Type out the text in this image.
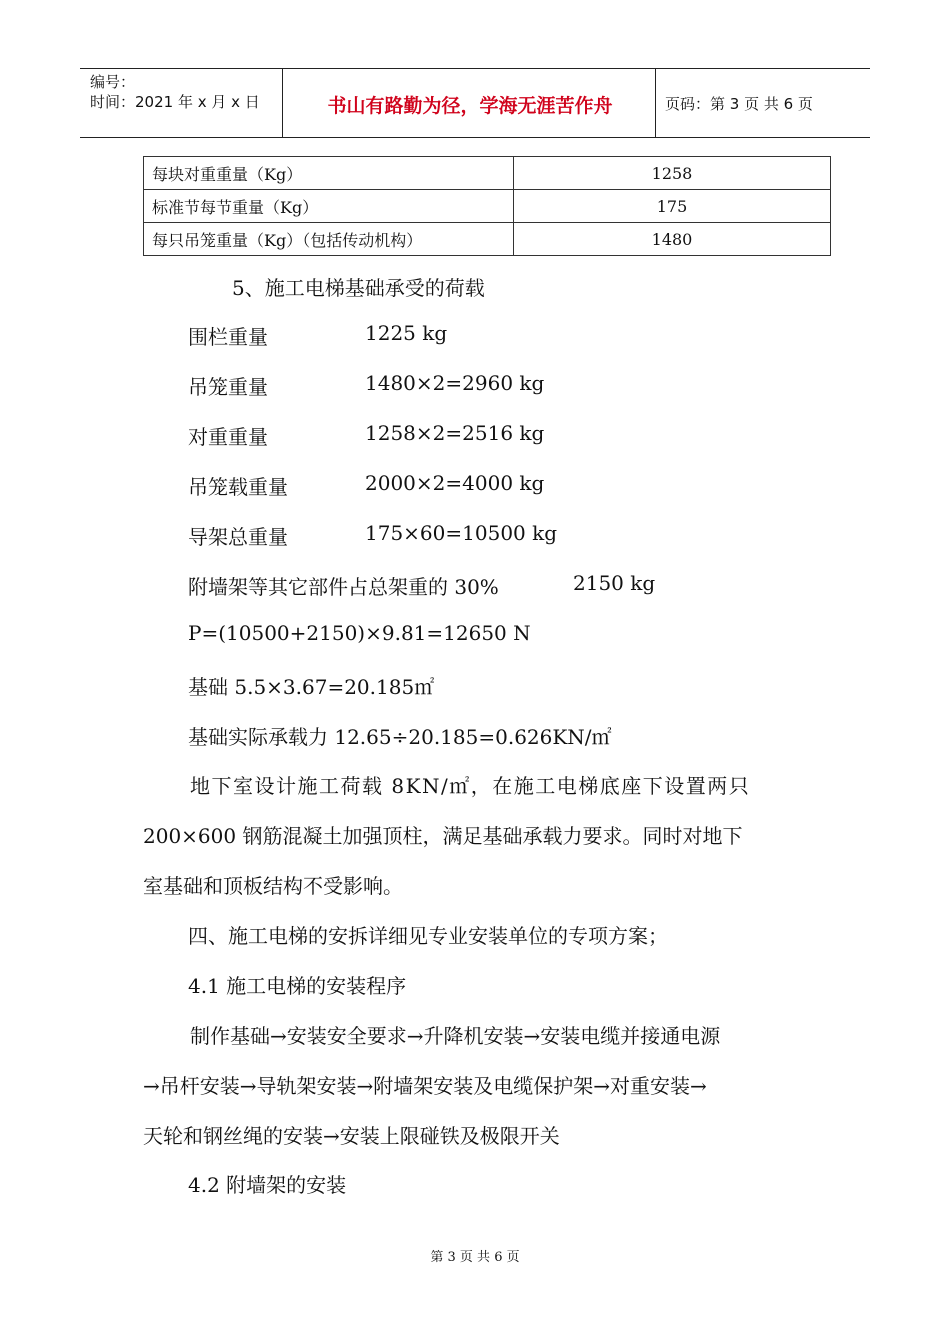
编号：
时间：2021 年 x 月 x 日	书山有路勤为径，学海无涯苦作舟	页码：第 3 页 共 6 页
每块对重重量（Kg）	1258
标准节每节重量（Kg）	175
每只吊笼重量（Kg）（包括传动机构）	1480
5、施工电梯基础承受的荷载
围栏重量	1225 kg
吊笼重量	1480×2=2960 kg
对重重量	1258×2=2516 kg
吊笼载重量	2000×2=4000 kg
导架总重量	175×60=10500 kg
附墙架等其它部件占总架重的 30%	2150 kg
P=(10500+2150)×9.81=12650 N
基础 5.5×3.67=20.185㎡
基础实际承载力 12.65÷20.185=0.626KN/㎡
地下室设计施工荷载 8KN/㎡，在施工电梯底座下设置两只
200×600 钢筋混凝土加强顶柱，满足基础承载力要求。同时对地下
室基础和顶板结构不受影响。
四、施工电梯的安拆详细见专业安装单位的专项方案；
4.1 施工电梯的安装程序
制作基础→安装安全要求→升降机安装→安装电缆并接通电源
→吊杆安装→导轨架安装→附墙架安装及电缆保护架→对重安装→
天轮和钢丝绳的安装→安装上限碰铁及极限开关
4.2 附墙架的安装
第 3 页 共 6 页
